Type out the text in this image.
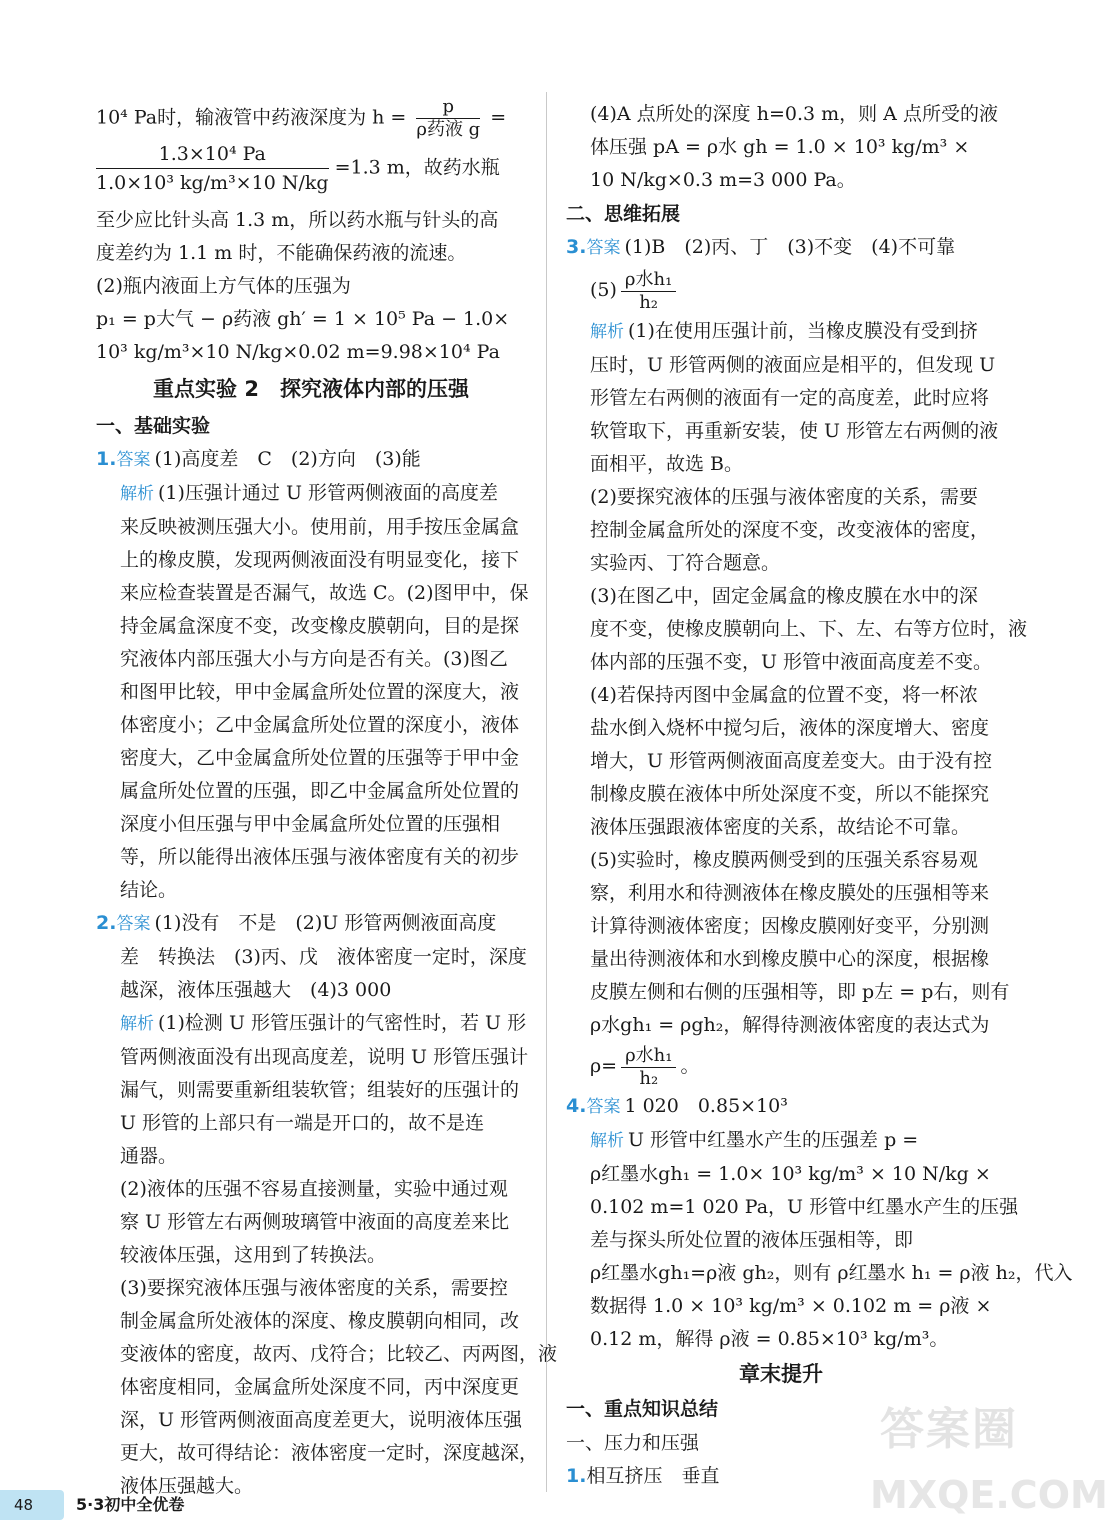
10⁴ Pa时，输液管中药液深度为 $h = \frac{p}{\text{ρ药液 g}}$ =
$\frac{\text{1.3×10⁴ Pa}}{\text{1.0×10³ kg/m³×10 N/kg}} =1.3$ m，故药水瓶

至少应比针头高 1.3 m，所以药水瓶与针头的高

度差约为 1.1 m 时，不能确保药液的流速。

(2)瓶内液面上方气体的压强为

p₁ = p大气 − ρ药液 gh′ = 1 × 10⁵ Pa − 1.0×

10³ kg/m³×10 N/kg×0.02 m=9.98×10⁴ Pa

重点实验 2　探究液体内部的压强
一、基础实验

1.答案 (1)高度差　C　(2)方向　(3)能

解析 (1)压强计通过 U 形管两侧液面的高度差

来反映被测压强大小。使用前，用手按压金属盒

上的橡皮膜，发现两侧液面没有明显变化，接下

来应检查装置是否漏气，故选 C。(2)图甲中，保

持金属盒深度不变，改变橡皮膜朝向，目的是探

究液体内部压强大小与方向是否有关。(3)图乙

和图甲比较，甲中金属盒所处位置的深度大，液

体密度小；乙中金属盒所处位置的深度小，液体

密度大，乙中金属盒所处位置的压强等于甲中金

属盒所处位置的压强，即乙中金属盒所处位置的

深度小但压强与甲中金属盒所处位置的压强相

等，所以能得出液体压强与液体密度有关的初步

结论。

2.答案 (1)没有　不是　(2)U 形管两侧液面高度

差　转换法　(3)丙、戊　液体密度一定时，深度

越深，液体压强越大　(4)3 000

解析 (1)检测 U 形管压强计的气密性时，若 U 形

管两侧液面没有出现高度差，说明 U 形管压强计

漏气，则需要重新组装软管；组装好的压强计的

U 形管的上部只有一端是开口的，故不是连

通器。

(2)液体的压强不容易直接测量，实验中通过观

察 U 形管左右两侧玻璃管中液面的高度差来比

较液体压强，这用到了转换法。

(3)要探究液体压强与液体密度的关系，需要控

制金属盒所处液体的深度、橡皮膜朝向相同，改

变液体的密度，故丙、戊符合；比较乙、丙两图，液

体密度相同，金属盒所处深度不同，丙中深度更

深，U 形管两侧液面高度差更大，说明液体压强

更大，故可得结论：液体密度一定时，深度越深，

液体压强越大。

(4)A 点所处的深度 h=0.3 m，则 A 点所受的液

体压强 pA = ρ水 gh = 1.0 × 10³ kg/m³ ×

10 N/kg×0.3 m=3 000 Pa。

二、思维拓展

3.答案 (1)B　(2)丙、丁　(3)不变　(4)不可靠

$(5) \frac{\text{ρ水h₁}}{\text{h₂}}$

解析 (1)在使用压强计前，当橡皮膜没有受到挤

压时，U 形管两侧的液面应是相平的，但发现 U

形管左右两侧的液面有一定的高度差，此时应将

软管取下，再重新安装，使 U 形管左右两侧的液

面相平，故选 B。

(2)要探究液体的压强与液体密度的关系，需要

控制金属盒所处的深度不变，改变液体的密度，

实验丙、丁符合题意。

(3)在图乙中，固定金属盒的橡皮膜在水中的深

度不变，使橡皮膜朝向上、下、左、右等方位时，液

体内部的压强不变，U 形管中液面高度差不变。

(4)若保持丙图中金属盒的位置不变，将一杯浓

盐水倒入烧杯中搅匀后，液体的深度增大、密度

增大，U 形管两侧液面高度差变大。由于没有控

制橡皮膜在液体中所处深度不变，所以不能探究

液体压强跟液体密度的关系，故结论不可靠。

(5)实验时，橡皮膜两侧受到的压强关系容易观

察，利用水和待测液体在橡皮膜处的压强相等来

计算待测液体密度；因橡皮膜刚好变平，分别测

量出待测液体和水到橡皮膜中心的深度，根据橡

皮膜左侧和右侧的压强相等，即 p左 = p右，则有

ρ水gh₁ = ρgh₂，解得待测液体密度的表达式为

$\rho= \frac{\text{ρ水h₁}}{\text{h₂}}$ 。

4.答案 1 020　0.85×10³

解析 U 形管中红墨水产生的压强差 p =

ρ红墨水gh₁ = 1.0× 10³ kg/m³ × 10 N/kg ×

0.102 m=1 020 Pa，U 形管中红墨水产生的压强

差与探头所处位置的液体压强相等，即

ρ红墨水gh₁=ρ液 gh₂，则有 ρ红墨水 h₁ = ρ液 h₂，代入

数据得 1.0 × 10³ kg/m³ × 0.102 m = ρ液 ×

0.12 m，解得 ρ液 = 0.85×10³ kg/m³。

章末提升
一、重点知识总结
一、压力和压强

1.相互挤压　垂直

48	5·3初中全优卷
答案圈
MXQE.COM
